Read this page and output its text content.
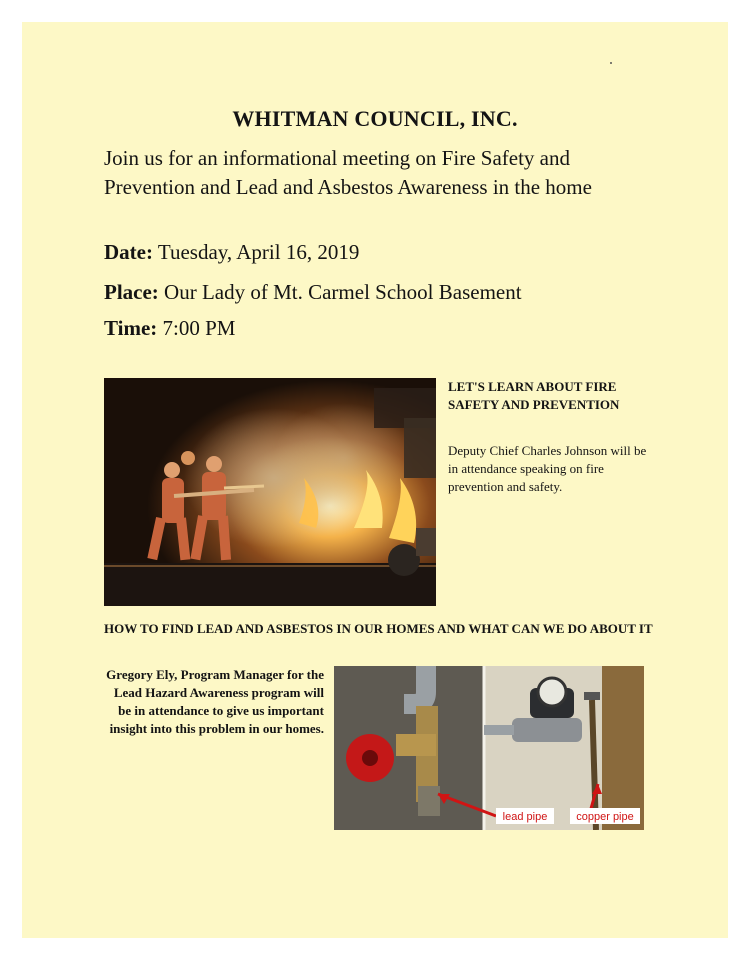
WHITMAN COUNCIL, INC.
Join us for an informational meeting on Fire Safety and Prevention and Lead and Asbestos Awareness in the home
Date: Tuesday, April 16, 2019
Place: Our Lady of Mt. Carmel School Basement
Time: 7:00 PM
LET'S LEARN ABOUT FIRE SAFETY AND PREVENTION
Deputy Chief Charles Johnson will be in attendance speaking on fire prevention and safety.
HOW TO FIND LEAD AND ASBESTOS IN OUR HOMES AND WHAT CAN WE DO ABOUT IT
Gregory Ely, Program Manager for the Lead Hazard Awareness program will be in attendance to give us important insight into this problem in our homes.
lead pipe	copper pipe
